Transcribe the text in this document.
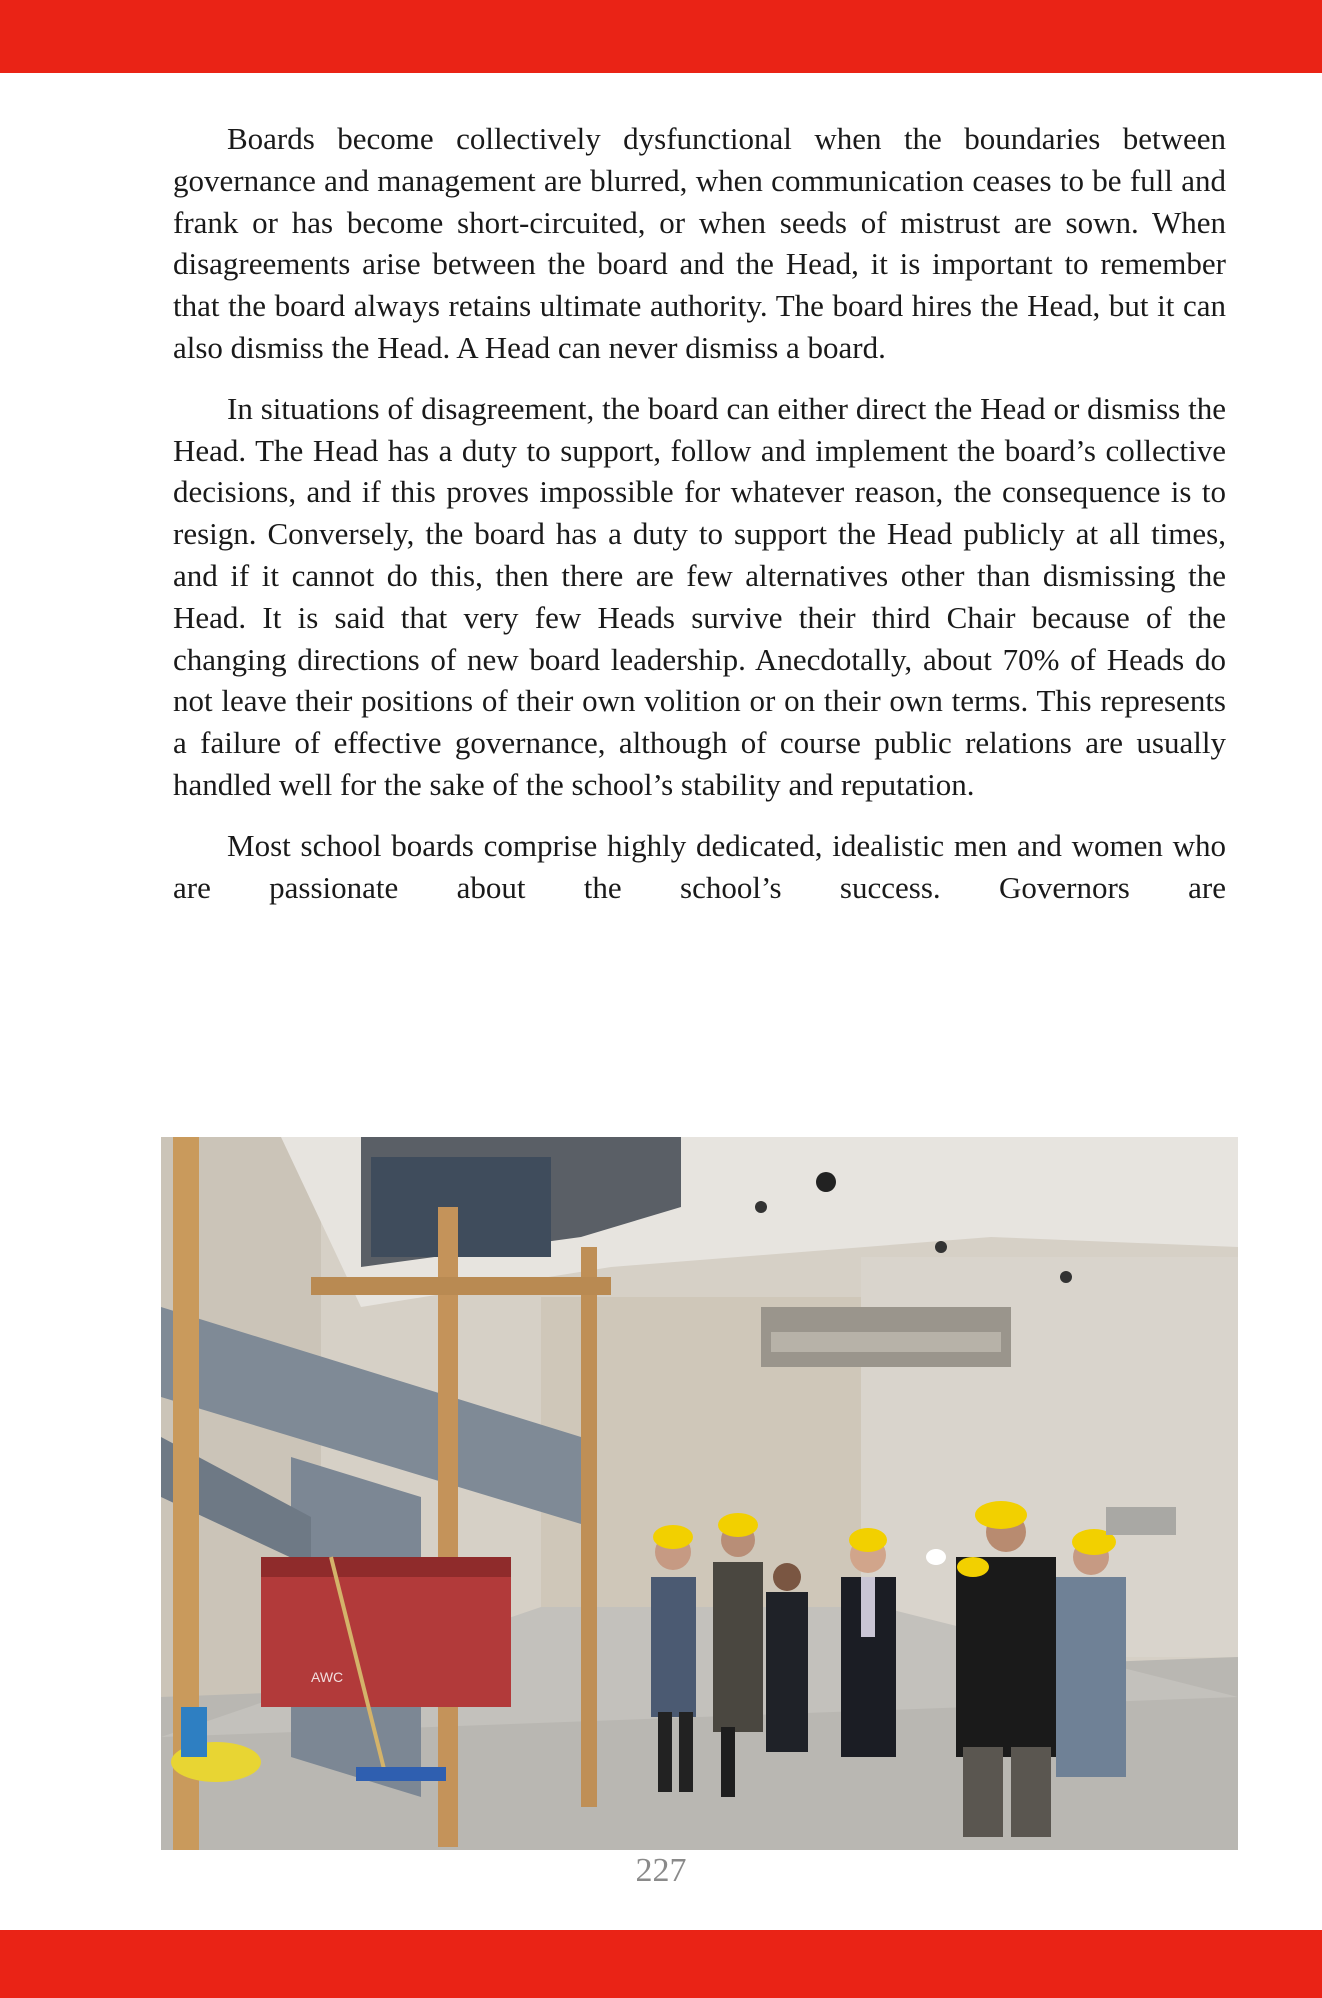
Boards become collectively dysfunctional when the boundaries between governance and management are blurred, when communication ceases to be full and frank or has become short-circuited, or when seeds of mistrust are sown. When disagreements arise between the board and the Head, it is important to remember that the board always retains ultimate authority. The board hires the Head, but it can also dismiss the Head. A Head can never dismiss a board.

In situations of disagreement, the board can either direct the Head or dismiss the Head. The Head has a duty to support, follow and implement the board’s collective decisions, and if this proves impossible for whatever reason, the consequence is to resign. Conversely, the board has a duty to support the Head publicly at all times, and if it cannot do this, then there are few alternatives other than dismissing the Head. It is said that very few Heads survive their third Chair because of the changing directions of new board leadership. Anecdotally, about 70% of Heads do not leave their positions of their own volition or on their own terms. This represents a failure of effective governance, although of course public relations are usually handled well for the sake of the school’s stability and reputation.

Most school boards comprise highly dedicated, idealistic men and women who are passionate about the school’s success. Governors are

AWC
227
